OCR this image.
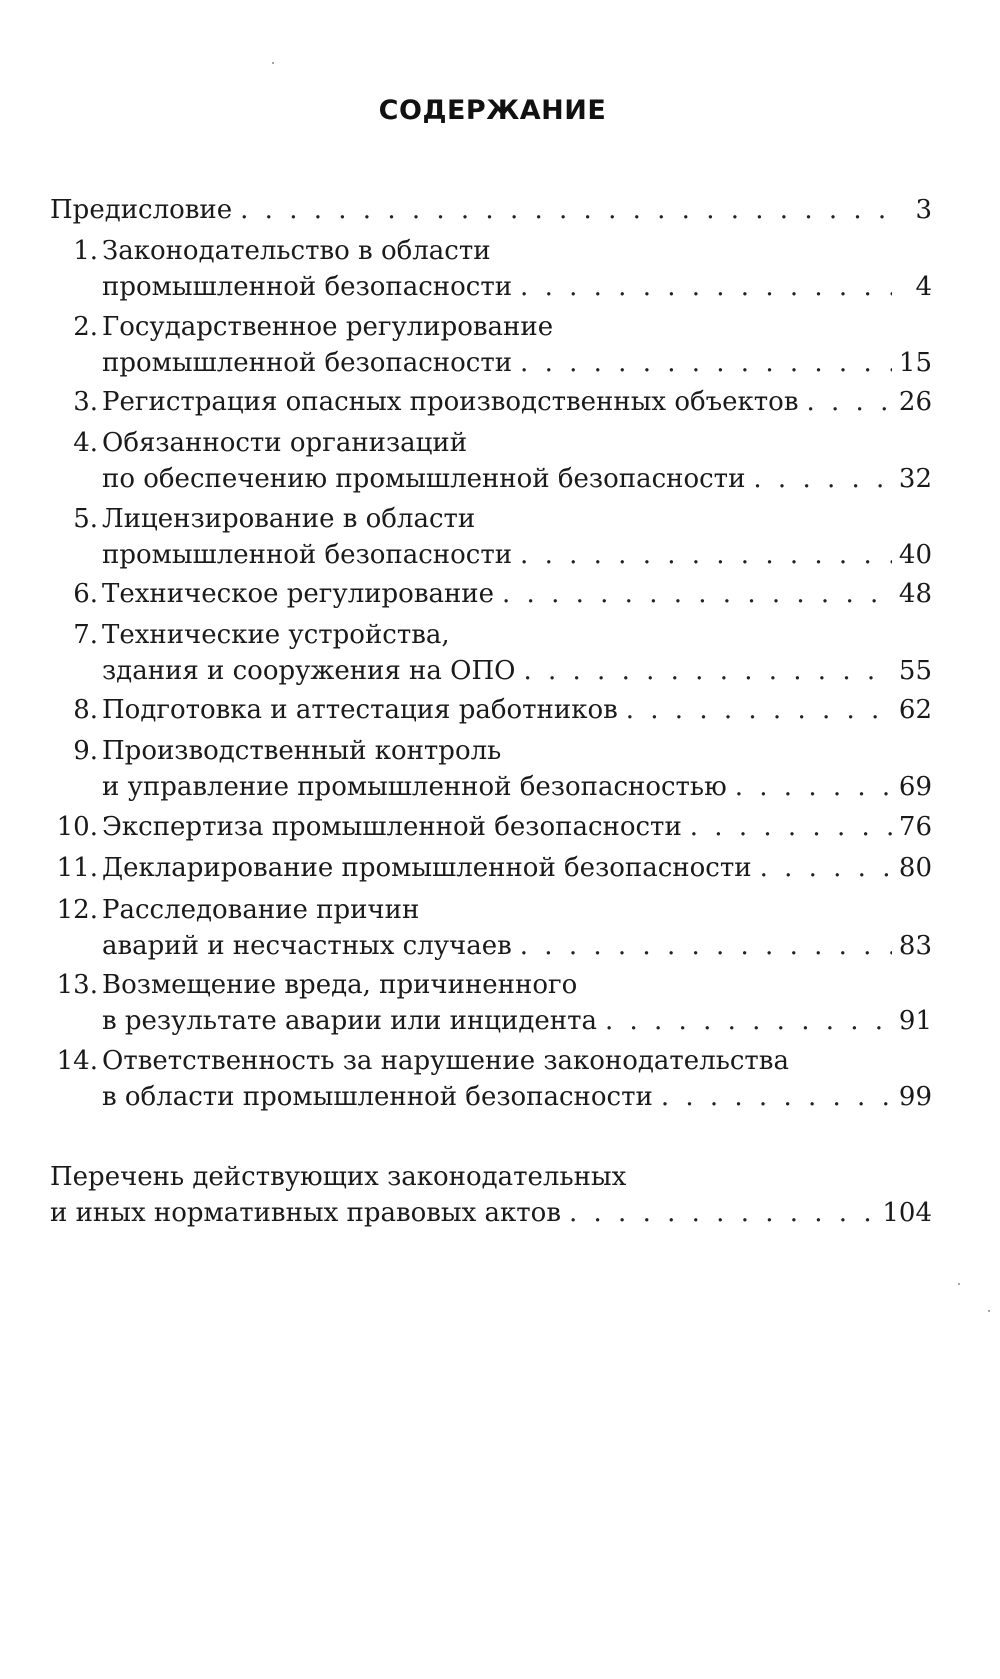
СОДЕРЖАНИЕ
Предисловие . . .	3
1. Законодательство в области
промышленной безопасности . . .	4
2. Государственное регулирование
промышленной безопасности . . .	15
3. Регистрация опасных производственных объектов . . .	26
4. Обязанности организаций
по обеспечению промышленной безопасности . . .	32
5. Лицензирование в области
промышленной безопасности . . .	40
6. Техническое регулирование . . .	48
7. Технические устройства,
здания и сооружения на ОПО . . .	55
8. Подготовка и аттестация работников . . .	62
9. Производственный контроль
и управление промышленной безопасностью . . .	69
10. Экспертиза промышленной безопасности . . .	76
11. Декларирование промышленной безопасности . . .	80
12. Расследование причин
аварий и несчастных случаев . . .	83
13. Возмещение вреда, причиненного
в результате аварии или инцидента . . .	91
14. Ответственность за нарушение законодательства
в области промышленной безопасности . . .	99
Перечень действующих законодательных
и иных нормативных правовых актов . . .	104
